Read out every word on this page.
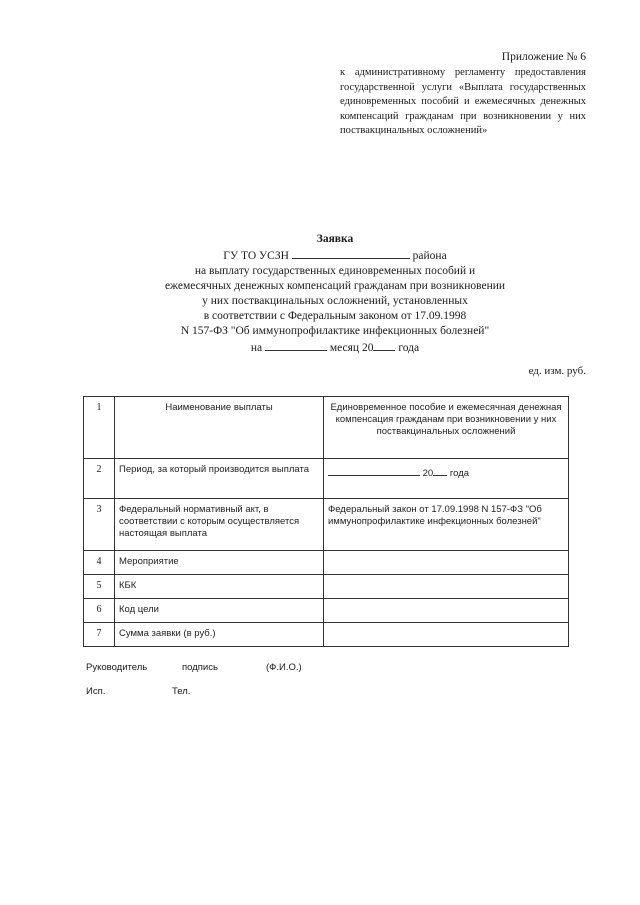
Приложение № 6
к административному регламенту предоставления государственной услуги «Выплата государственных единовременных пособий и ежемесячных денежных компенсаций гражданам при возникновении у них поствакцинальных осложнений»
Заявка
ГУ ТО УСЗН	района
на выплату государственных единовременных пособий и
ежемесячных денежных компенсаций гражданам при возникновении
у них поствакцинальных осложнений, установленных
в соответствии с Федеральным законом от 17.09.1998
N 157-ФЗ "Об иммунопрофилактике инфекционных болезней"
на	месяц 20 года
ед. изм. руб.
1	Наименование выплаты	Единовременное пособие и ежемесячная денежная компенсация гражданам при возникновении у них поствакцинальных осложнений
2	Период, за который производится выплата	20 года
3	Федеральный нормативный акт, в соответствии с которым осуществляется настоящая выплата	Федеральный закон от 17.09.1998 N 157-ФЗ "Об иммунопрофилактике инфекционных болезней"
4	Мероприятие	
5	КБК	
6	Код цели	
7	Сумма заявки (в руб.)	
Руководитель	подпись	(Ф.И.О.)
Исп.	Тел.
